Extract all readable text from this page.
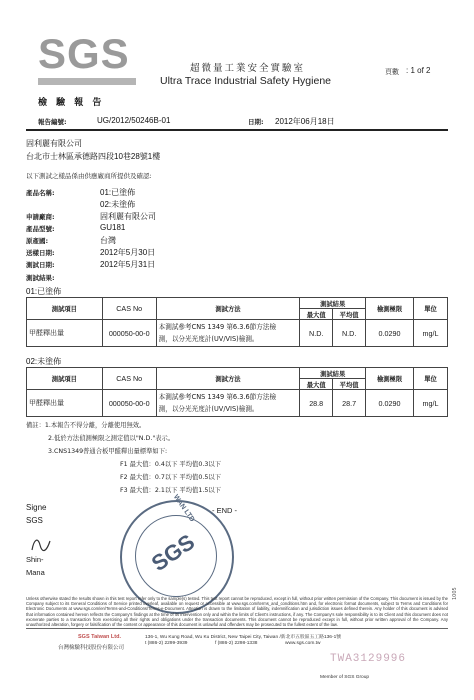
SGS	超微量工業安全實驗室
Ultra Trace Industrial Safety Hygiene
頁數 : 1 of 2
檢 驗 報 告
報告編號:	UG/2012/50246B-01	日期: 2012年06月18日
固利麗有限公司
台北市士林區承德路四段10巷28號1樓
以下測試之樣品係由供應廠商所提供及確認:
產品名稱:	01:已塗佈
02:未塗佈
申請廠商:	固利麗有限公司
產品型號:	GU181
原產國:	台灣
送樣日期:	2012年5月30日
測試日期:	2012年5月31日
測試結果:
01:已塗佈
測試項目	CAS No	測試方法	測試結果		檢測極限	單位
			最大值	平均值		
甲醛釋出量	000050-00-0	本測試參考CNS 1349 第6.3.6節方法檢
測，以分光光度計(UV/VIS)檢測。	N.D.	N.D.	0.0290	mg/L
02:未塗佈
測試項目	CAS No	測試方法	測試結果		檢測極限	單位
			最大值	平均值		
甲醛釋出量	000050-00-0	本測試參考CNS 1349 第6.3.6節方法檢
測，以分光光度計(UV/VIS)檢測。	28.8	28.7	0.0290	mg/L
備註：1.本報告不得分離，分離使用無效。
2.低於方法偵測極限之測定值以"N.D."表示。
3.CNS1349普通合板甲醛釋出量標準如下:
F1 最大值：0.4以下 平均值0.3以下
F2 最大值：0.7以下 平均值0.5以下
F3 最大值：2.1以下 平均值1.5以下
SGS
WAN LTD - END -
Signe
SGS
Shin-
Mana
Unless otherwise stated the results shown in this test report refer only to the sample(s) tested. This test report cannot be reproduced, except in full, without prior written permission of the Company. This document is issued by the Company subject to its General Conditions of Service printed overleaf, available on request or accessible at www.sgs.com/terms_and_conditions.htm and, for electronic format documents, subject to Terms and Conditions for Electronic Documents at www.sgs.com/en/Terms-and-Conditions/Terms-e-Document. Attention is drawn to the limitation of liability, indemnification and jurisdiction issues defined therein. Any holder of this document is advised that information contained hereon reflects the Company's findings at the time of its intervention only and within the limits of Client's instructions, if any. The Company's sole responsibility is to its Client and this document does not exonerate parties to a transaction from exercising all their rights and obligations under the transaction documents. This document cannot be reproduced except in full, without prior written approval of the Company. Any unauthorized alteration, forgery or falsification of the content or appearance of this document is unlawful and offenders may be prosecuted to the fullest extent of the law.
SGS Taiwan Ltd.
台灣檢驗科技股份有限公司
136-1, Wu Kung Road, Wu Ku District, New Taipei City, Taiwan /新北市五股區五工路136-1號
t (886-2) 2299-3939	f (886-2) 2298-1338	www.sgs.com.tw
TWA3129996
Member of SGS Group
1005
